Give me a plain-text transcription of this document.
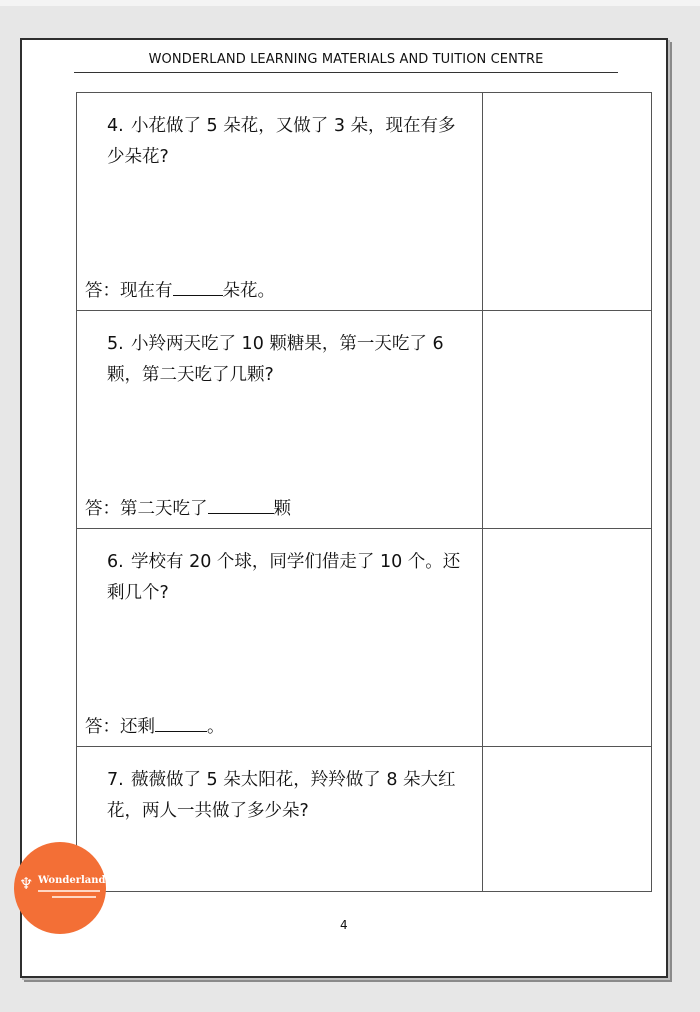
WONDERLAND LEARNING MATERIALS AND TUITION CENTRE
4. 小花做了 5 朵花，又做了 3 朵，现在有多少朵花?
答：现在有 朵花。	

5. 小羚两天吃了 10 颗糖果，第一天吃了 6 颗，第二天吃了几颗?
答：第二天吃了 颗	

6. 学校有 20 个球，同学们借走了 10 个。还剩几个?
答：还剩 。	

7. 薇薇做了 5 朵太阳花，羚羚做了 8 朵大红花，两人一共做了多少朵?	

4
♆ Wonderland
